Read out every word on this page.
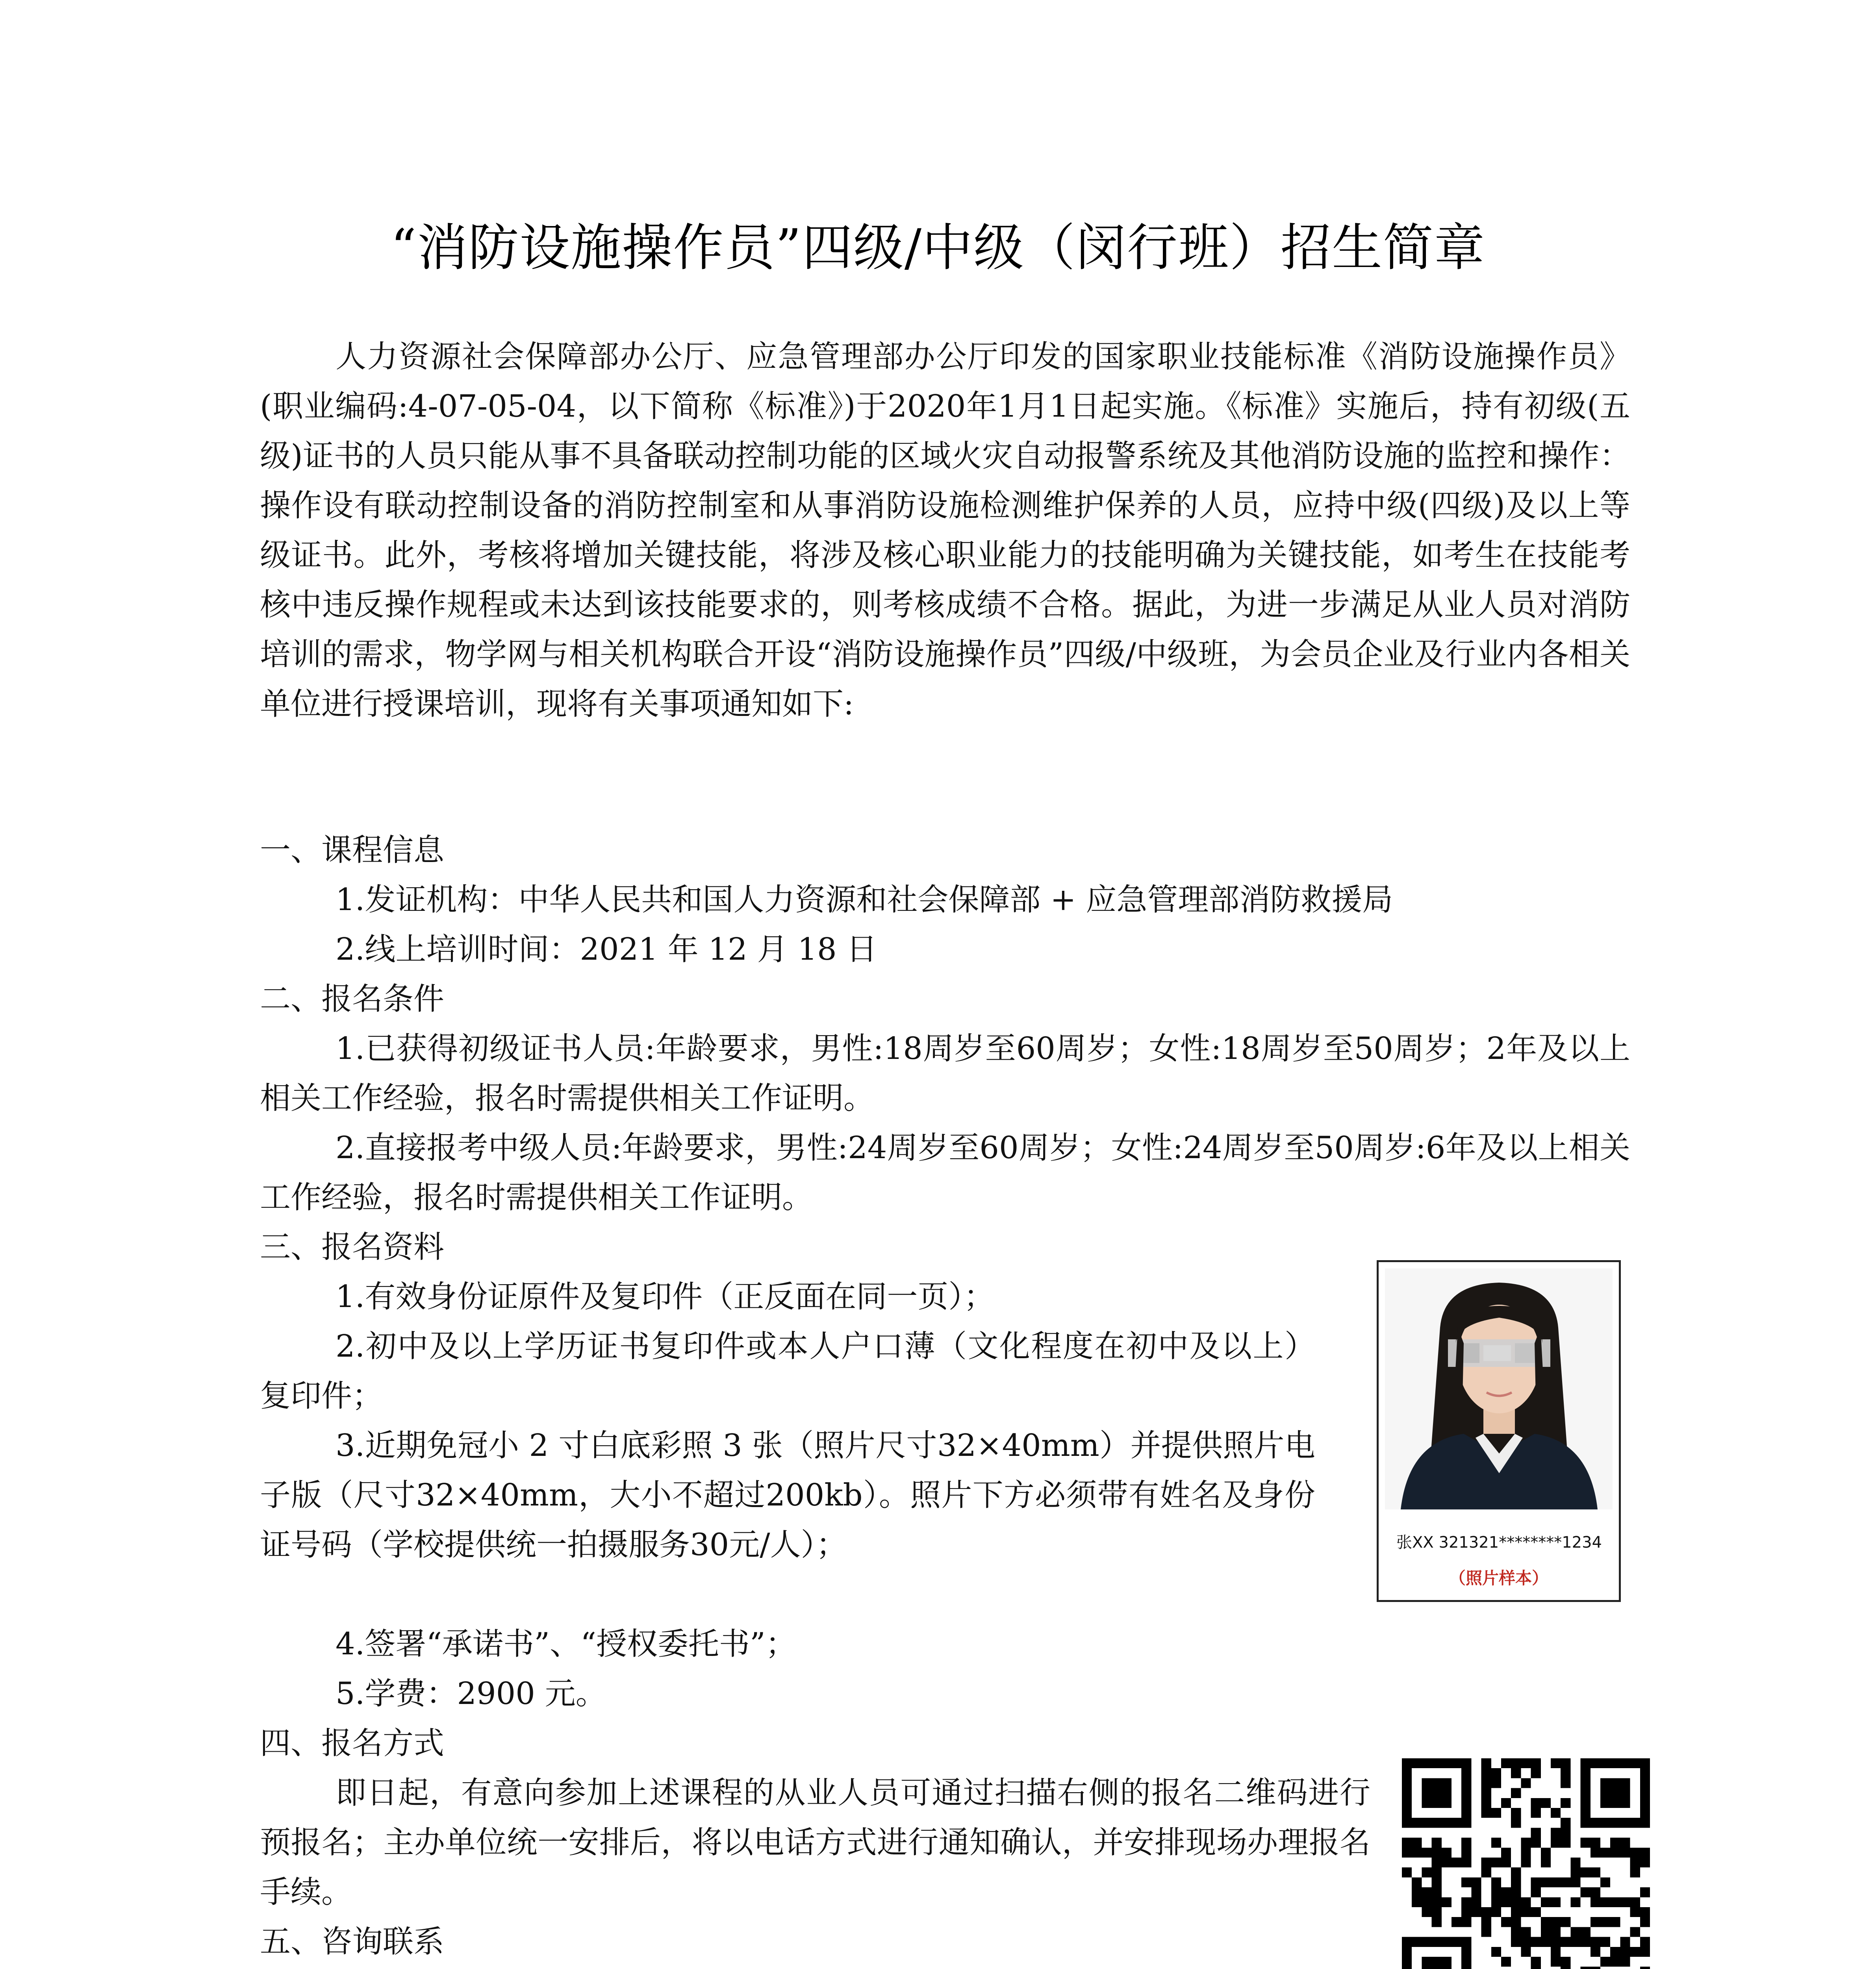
“消防设施操作员”四级/中级（闵行班）招生简章
人力资源社会保障部办公厅、应急管理部办公厅印发的国家职业技能标准《消防设施操作员》(职业编码:4-07-05-04，以下简称《标准》)于2020年1月1日起实施。《标准》实施后，持有初级(五级)证书的人员只能从事不具备联动控制功能的区域火灾自动报警系统及其他消防设施的监控和操作：操作设有联动控制设备的消防控制室和从事消防设施检测维护保养的人员，应持中级(四级)及以上等级证书。此外，考核将增加关键技能，将涉及核心职业能力的技能明确为关键技能，如考生在技能考核中违反操作规程或未达到该技能要求的，则考核成绩不合格。据此，为进一步满足从业人员对消防培训的需求，物学网与相关机构联合开设“消防设施操作员”四级/中级班，为会员企业及行业内各相关单位进行授课培训，现将有关事项通知如下:
一、课程信息
1.发证机构：中华人民共和国人力资源和社会保障部 + 应急管理部消防救援局
2.线上培训时间：2021 年 12 月 18 日
二、报名条件
1.已获得初级证书人员:年龄要求，男性:18周岁至60周岁；女性:18周岁至50周岁；2年及以上相关工作经验，报名时需提供相关工作证明。
2.直接报考中级人员:年龄要求，男性:24周岁至60周岁；女性:24周岁至50周岁:6年及以上相关工作经验，报名时需提供相关工作证明。
三、报名资料
1.有效身份证原件及复印件（正反面在同一页）；
2.初中及以上学历证书复印件或本人户口薄（文化程度在初中及以上）复印件；
3.近期免冠小 2 寸白底彩照 3 张（照片尺寸32×40mm）并提供照片电子版（尺寸32×40mm，大小不超过200kb）。照片下方必须带有姓名及身份证号码（学校提供统一拍摄服务30元/人）；
4.签署“承诺书”、“授权委托书”；
5.学费：2900 元。
四、报名方式
即日起，有意向参加上述课程的从业人员可通过扫描右侧的报名二维码进行预报名；主办单位统一安排后，将以电话方式进行通知确认，并安排现场办理报名手续。
五、咨询联系
张XX 321321********1234
（照片样本）
